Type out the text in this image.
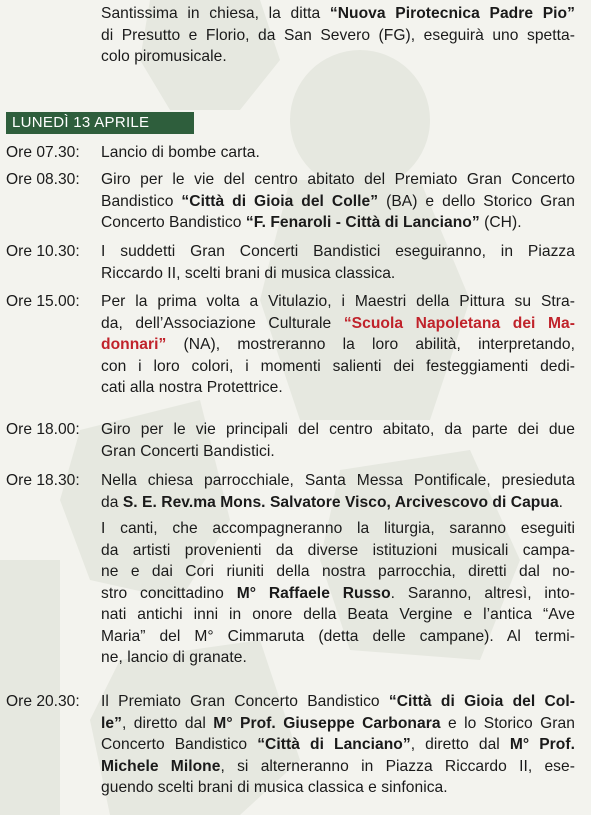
Santissima in chiesa, la ditta “Nuova Pirotecnica Padre Pio”
di Presutto e Florio, da San Severo (FG), eseguirà uno spetta-
colo piromusicale.
LUNEDÌ 13 APRILE
Ore 07.30: Lancio di bombe carta.
Ore 08.30: Giro per le vie del centro abitato del Premiato Gran Concerto
Bandistico “Città di Gioia del Colle” (BA) e dello Storico Gran
Concerto Bandistico “F. Fenaroli - Città di Lanciano” (CH).
Ore 10.30: I suddetti Gran Concerti Bandistici eseguiranno, in Piazza
Riccardo II, scelti brani di musica classica.
Ore 15.00: Per la prima volta a Vitulazio, i Maestri della Pittura su Stra-
da, dell’Associazione Culturale “Scuola Napoletana dei Ma-
donnari” (NA), mostreranno la loro abilità, interpretando,
con i loro colori, i momenti salienti dei festeggiamenti dedi-
cati alla nostra Protettrice.
Ore 18.00: Giro per le vie principali del centro abitato, da parte dei due
Gran Concerti Bandistici.
Ore 18.30: Nella chiesa parrocchiale, Santa Messa Pontificale, presieduta
da S. E. Rev.ma Mons. Salvatore Visco, Arcivescovo di Capua.
I canti, che accompagneranno la liturgia, saranno eseguiti
da artisti provenienti da diverse istituzioni musicali campa-
ne e dai Cori riuniti della nostra parrocchia, diretti dal no-
stro concittadino M° Raffaele Russo. Saranno, altresì, into-
nati antichi inni in onore della Beata Vergine e l’antica “Ave
Maria” del M° Cimmaruta (detta delle campane). Al termi-
ne, lancio di granate.
Ore 20.30: Il Premiato Gran Concerto Bandistico “Città di Gioia del Col-
le”, diretto dal M° Prof. Giuseppe Carbonara e lo Storico Gran
Concerto Bandistico “Città di Lanciano”, diretto dal M° Prof.
Michele Milone, si alterneranno in Piazza Riccardo II, ese-
guendo scelti brani di musica classica e sinfonica.
